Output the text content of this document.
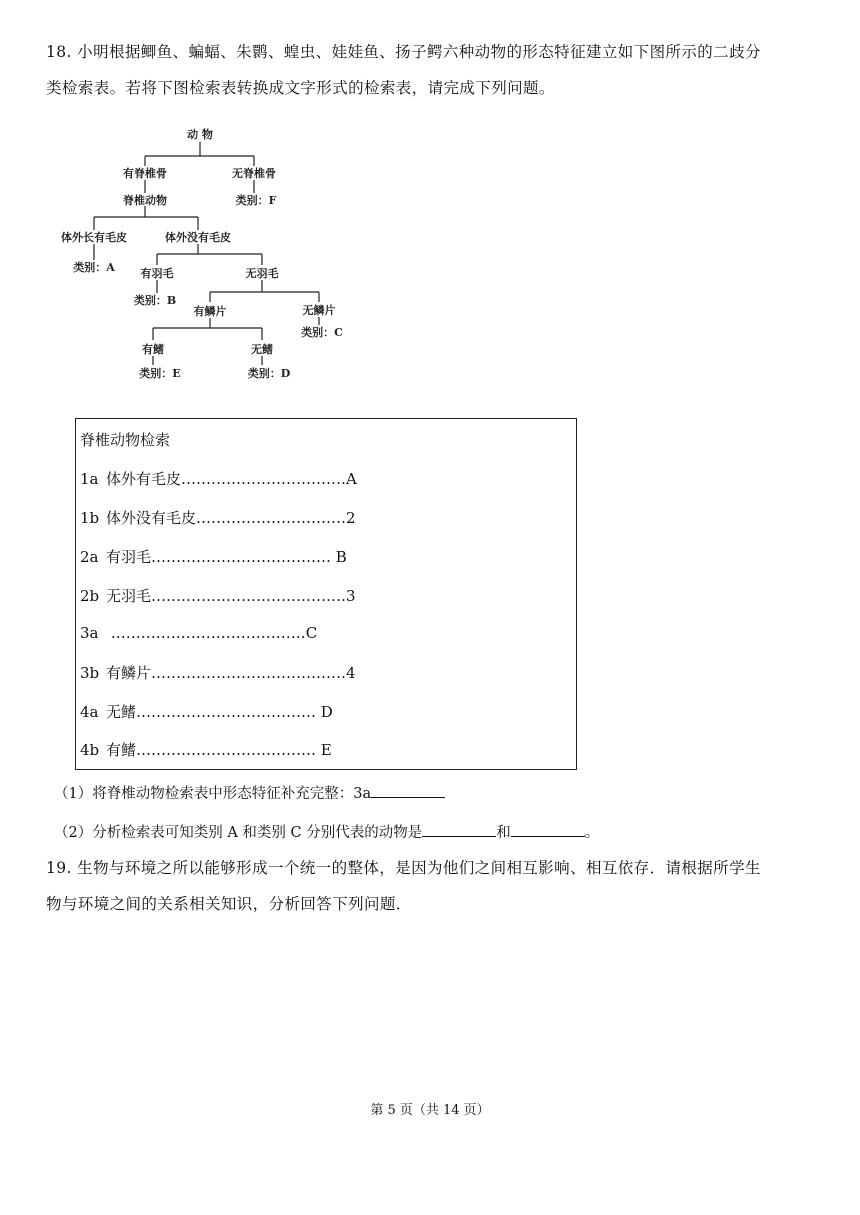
18. 小明根据鲫鱼、蝙蝠、朱鹮、蝗虫、娃娃鱼、扬子鳄六种动物的形态特征建立如下图所示的二歧分
类检索表。若将下图检索表转换成文字形式的检索表，请完成下列问题。
动 物
有脊椎骨	无脊椎骨
脊椎动物	类别：F
体外长有毛皮	体外没有毛皮
类别：A 有羽毛	无羽毛
类别：B
有鳞片	无鳞片
类别：C
有鳍	无鳍
类别：E	类别：D
脊椎动物检索
1a 体外有毛皮……………………………A
1b 体外没有毛皮…………………………2
2a 有羽毛……………………………… B
2b 无羽毛…………………………………3
3a …………………………………C
3b 有鳞片…………………………………4
4a 无鳍……………………………… D
4b 有鳍……………………………… E
（1）将脊椎动物检索表中形态特征补充完整：3a
（2）分析检索表可知类别 A 和类别 C 分别代表的动物是	和	。
19. 生物与环境之所以能够形成一个统一的整体，是因为他们之间相互影响、相互依存．请根据所学生
物与环境之间的关系相关知识，分析回答下列问题．
第 5 页（共 14 页）
